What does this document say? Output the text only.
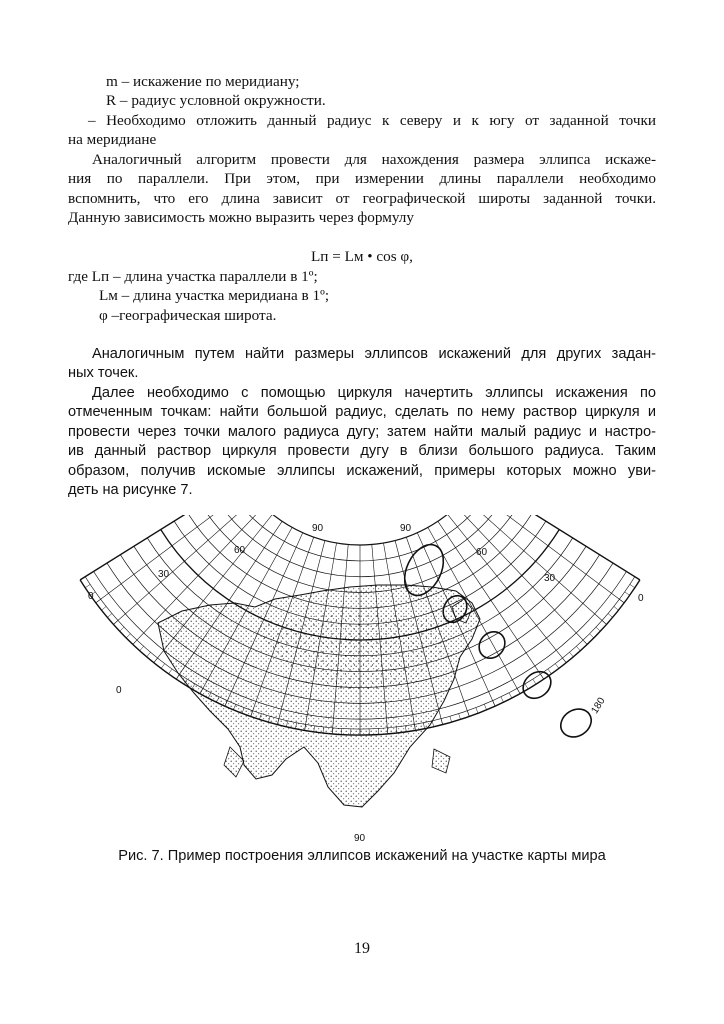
m – искажение по меридиану;
R – радиус условной окружности.
– Необходимо отложить данный радиус к северу и к югу от заданной точки
на меридиане
Аналогичный алгоритм провести для нахождения размера эллипса искаже-
ния по параллели. При этом, при измерении длины параллели необходимо
вспомнить, что его длина зависит от географической широты заданной точки.
Данную зависимость можно выразить через формулу
Lп = Lм • cos φ,
где Lп – длина участка параллели в 1º;
Lм – длина участка меридиана в 1º;
φ –географическая широта.
Аналогичным путем найти размеры эллипсов искажений для других задан-
ных точек.
Далее необходимо с помощью циркуля начертить эллипсы искажения по
отмеченным точкам: найти большой радиус, сделать по нему раствор циркуля и
провести через точки малого радиуса дугу; затем найти малый радиус и настро-
ив данный раствор циркуля провести дугу в близи большого радиуса. Таким
образом, получив искомые эллипсы искажений, примеры которых можно уви-
деть на рисунке 7.
90
60
30
0
0
90
60
30
0
180
90
Рис. 7. Пример построения эллипсов искажений на участке карты мира
19
